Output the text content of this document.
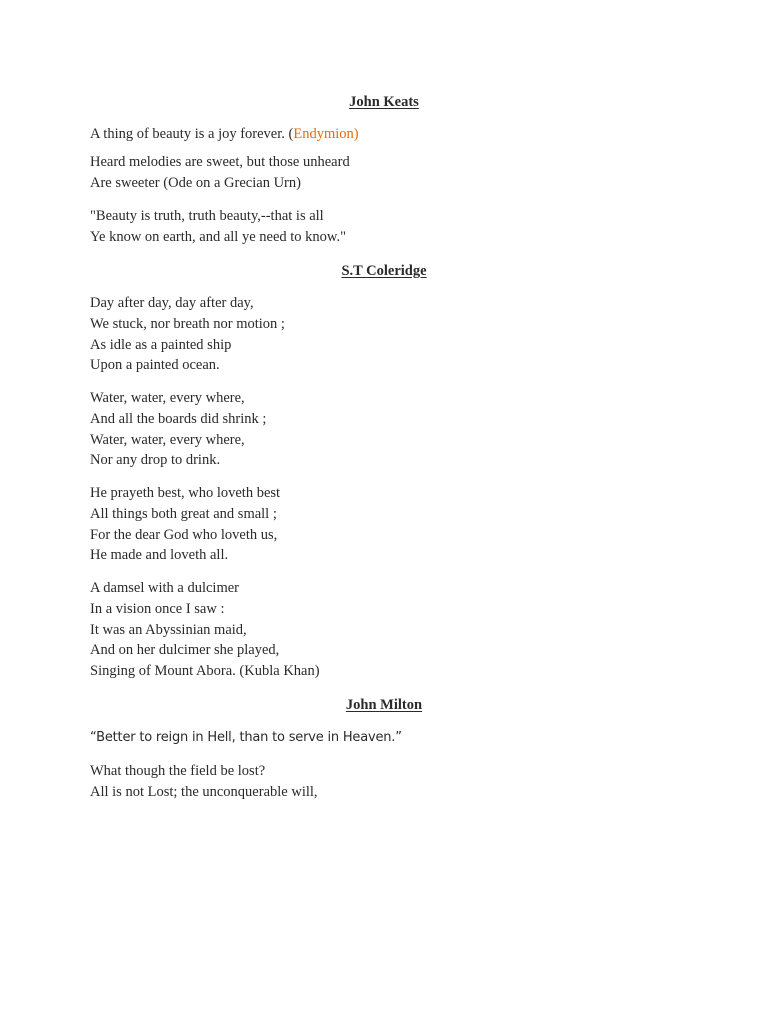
John Keats
A thing of beauty is a joy forever. (Endymion)
Heard melodies are sweet, but those unheard
Are sweeter (Ode on a Grecian Urn)
"Beauty is truth, truth beauty,--that is all
Ye know on earth, and all ye need to know."
S.T Coleridge
Day after day, day after day,
We stuck, nor breath nor motion ;
As idle as a painted ship
Upon a painted ocean.
Water, water, every where,
And all the boards did shrink ;
Water, water, every where,
Nor any drop to drink.
He prayeth best, who loveth best
All things both great and small ;
For the dear God who loveth us,
He made and loveth all.
A damsel with a dulcimer
In a vision once I saw :
It was an Abyssinian maid,
And on her dulcimer she played,
Singing of Mount Abora. (Kubla Khan)
John Milton
“Better to reign in Hell, than to serve in Heaven.”
What though the field be lost?
All is not Lost; the unconquerable will,
